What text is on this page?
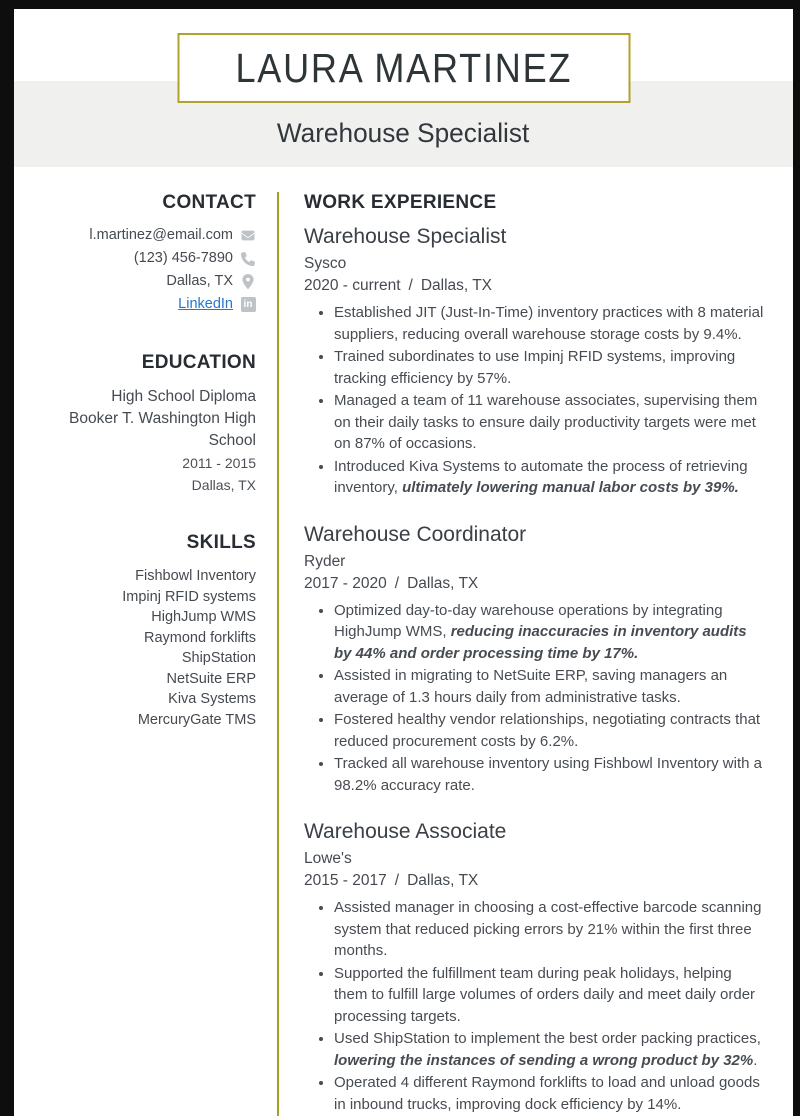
LAURA MARTINEZ
Warehouse Specialist
CONTACT
l.martinez@email.com
(123) 456-7890
Dallas, TX
LinkedIn	in
EDUCATION
High School Diploma
Booker T. Washington High School
2011 - 2015
Dallas, TX
SKILLS
Fishbowl Inventory
Impinj RFID systems
HighJump WMS
Raymond forklifts
ShipStation
NetSuite ERP
Kiva Systems
MercuryGate TMS
WORK EXPERIENCE
Warehouse Specialist
Sysco
2020 - current / Dallas, TX
• Established JIT (Just-In-Time) inventory practices with 8 material suppliers, reducing overall warehouse storage costs by 9.4%.
• Trained subordinates to use Impinj RFID systems, improving tracking efficiency by 57%.
• Managed a team of 11 warehouse associates, supervising them on their daily tasks to ensure daily productivity targets were met on 87% of occasions.
• Introduced Kiva Systems to automate the process of retrieving inventory, ultimately lowering manual labor costs by 39%.
Warehouse Coordinator
Ryder
2017 - 2020 / Dallas, TX
• Optimized day-to-day warehouse operations by integrating HighJump WMS, reducing inaccuracies in inventory audits by 44% and order processing time by 17%.
• Assisted in migrating to NetSuite ERP, saving managers an average of 1.3 hours daily from administrative tasks.
• Fostered healthy vendor relationships, negotiating contracts that reduced procurement costs by 6.2%.
• Tracked all warehouse inventory using Fishbowl Inventory with a 98.2% accuracy rate.
Warehouse Associate
Lowe's
2015 - 2017 / Dallas, TX
• Assisted manager in choosing a cost-effective barcode scanning system that reduced picking errors by 21% within the first three months.
• Supported the fulfillment team during peak holidays, helping them to fulfill large volumes of orders daily and meet daily order processing targets.
• Used ShipStation to implement the best order packing practices, lowering the instances of sending a wrong product by 32%.
• Operated 4 different Raymond forklifts to load and unload goods in inbound trucks, improving dock efficiency by 14%.
